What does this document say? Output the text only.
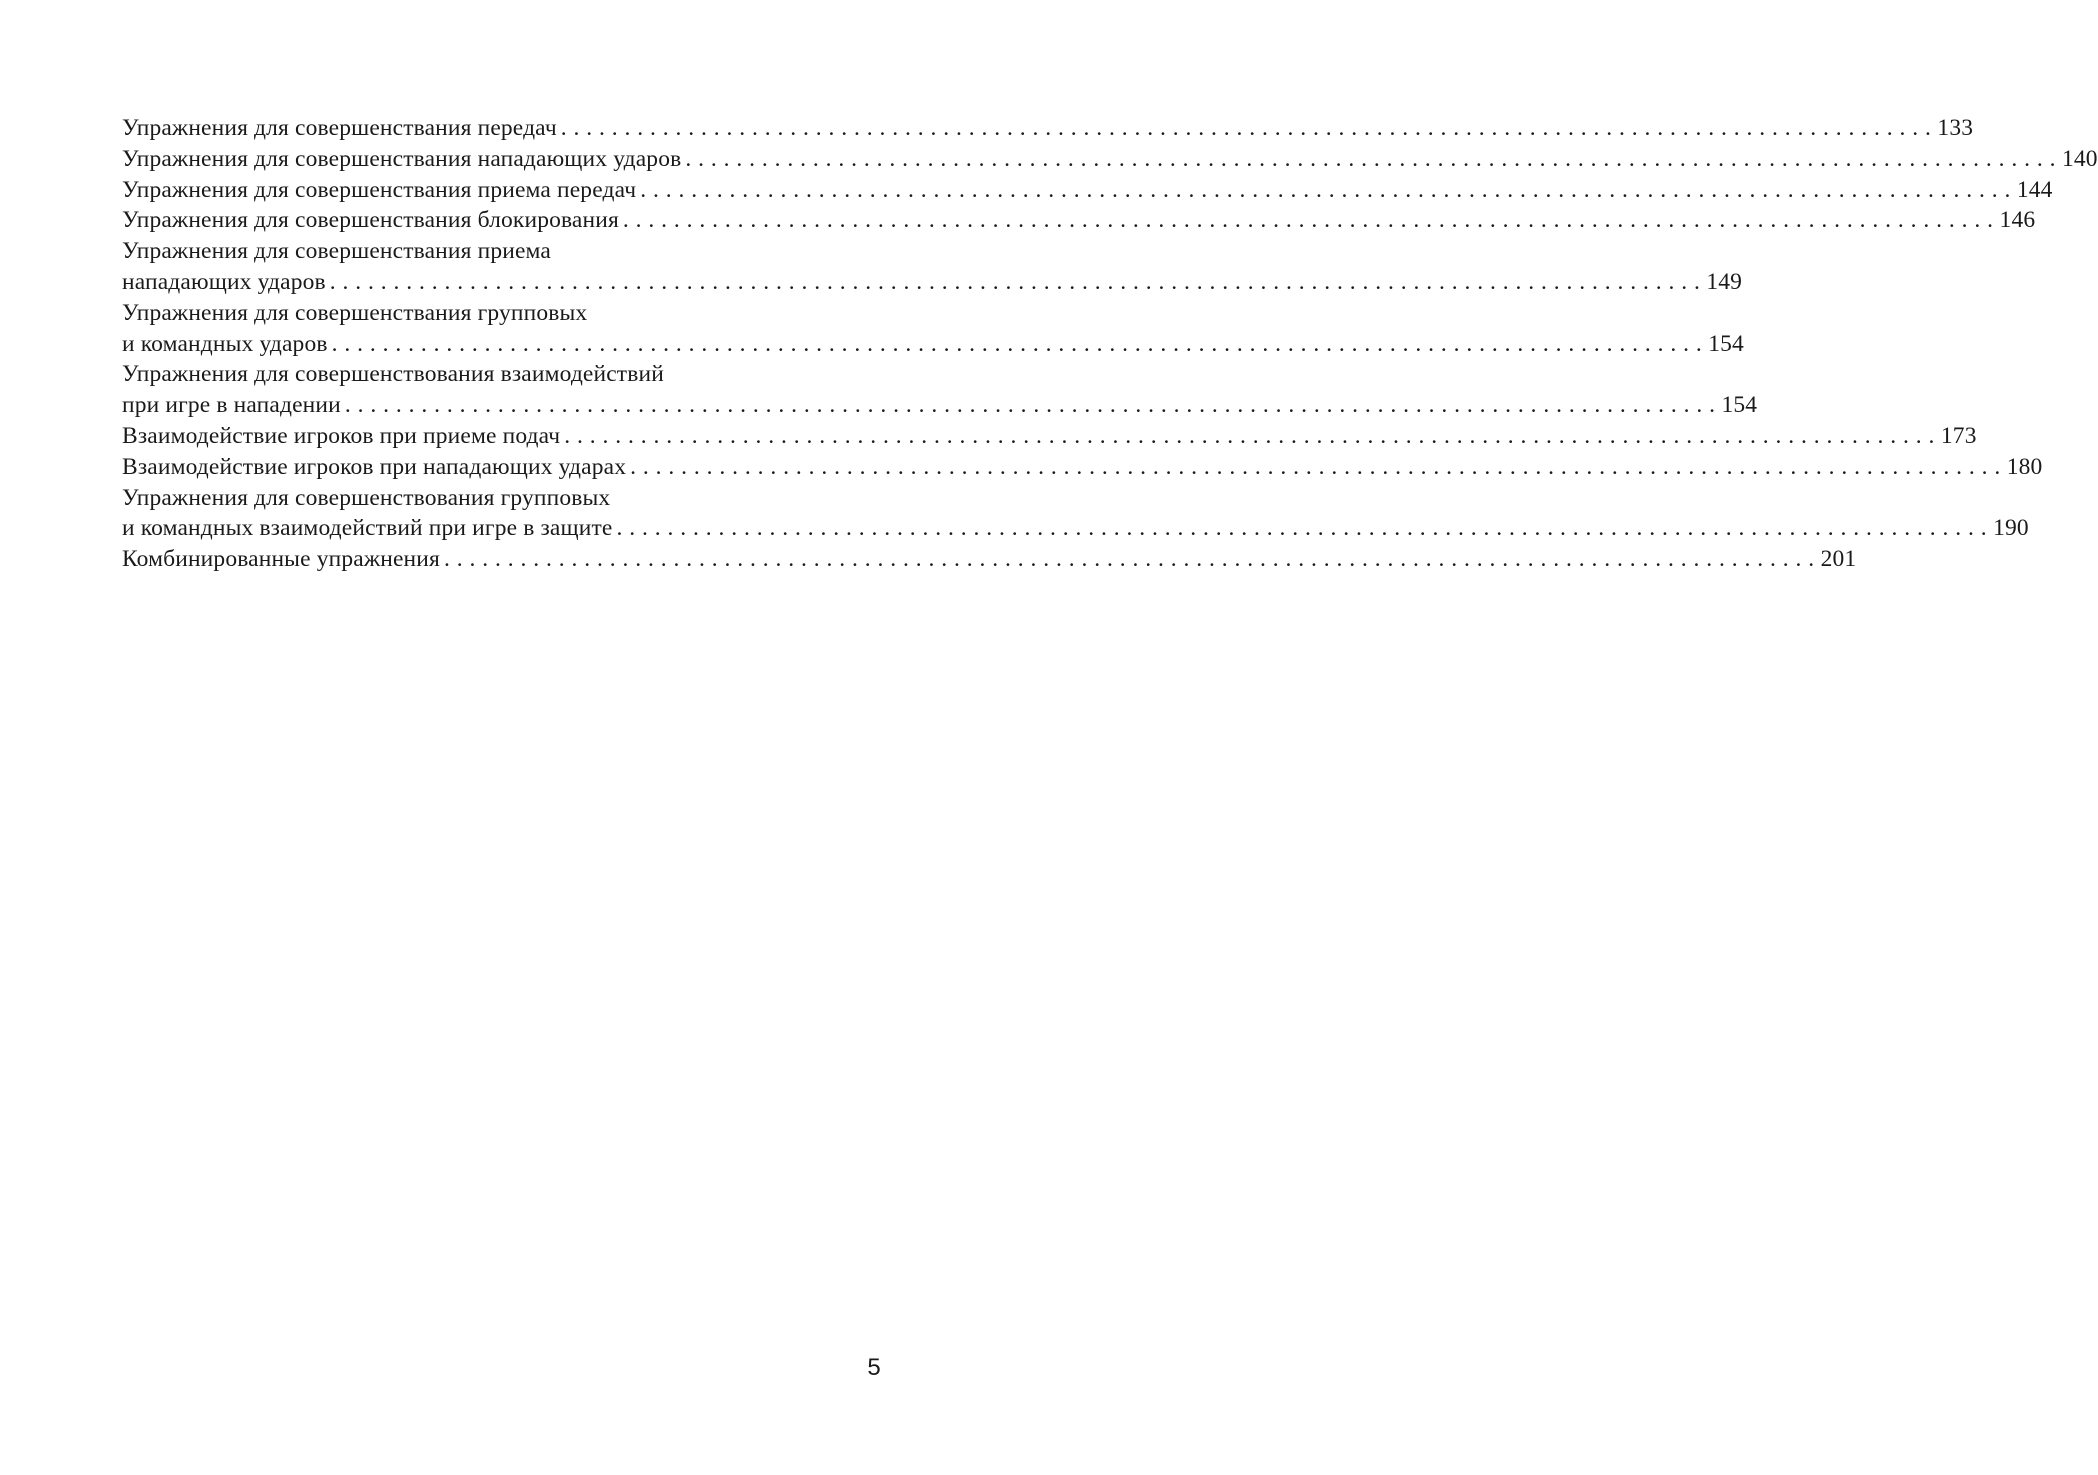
Упражнения для совершенствания передач . . .	133
Упражнения для совершенствания нападающих ударов . . .	140
Упражнения для совершенствания приема передач . . .	144
Упражнения для совершенствания блокирования . . .	146
Упражнения для совершенствания приема
нападающих ударов . . .	149
Упражнения для совершенствания групповых
и командных ударов . . .	154
Упражнения для совершенствования взаимодействий
при игре в нападении . . .	154
Взаимодействие игроков при приеме подач . . .	173
Взаимодействие игроков при нападающих ударах . . .	180
Упражнения для совершенствования групповых
и командных взаимодействий при игре в защите . . .	190
Комбинированные упражнения . . .	201
5
